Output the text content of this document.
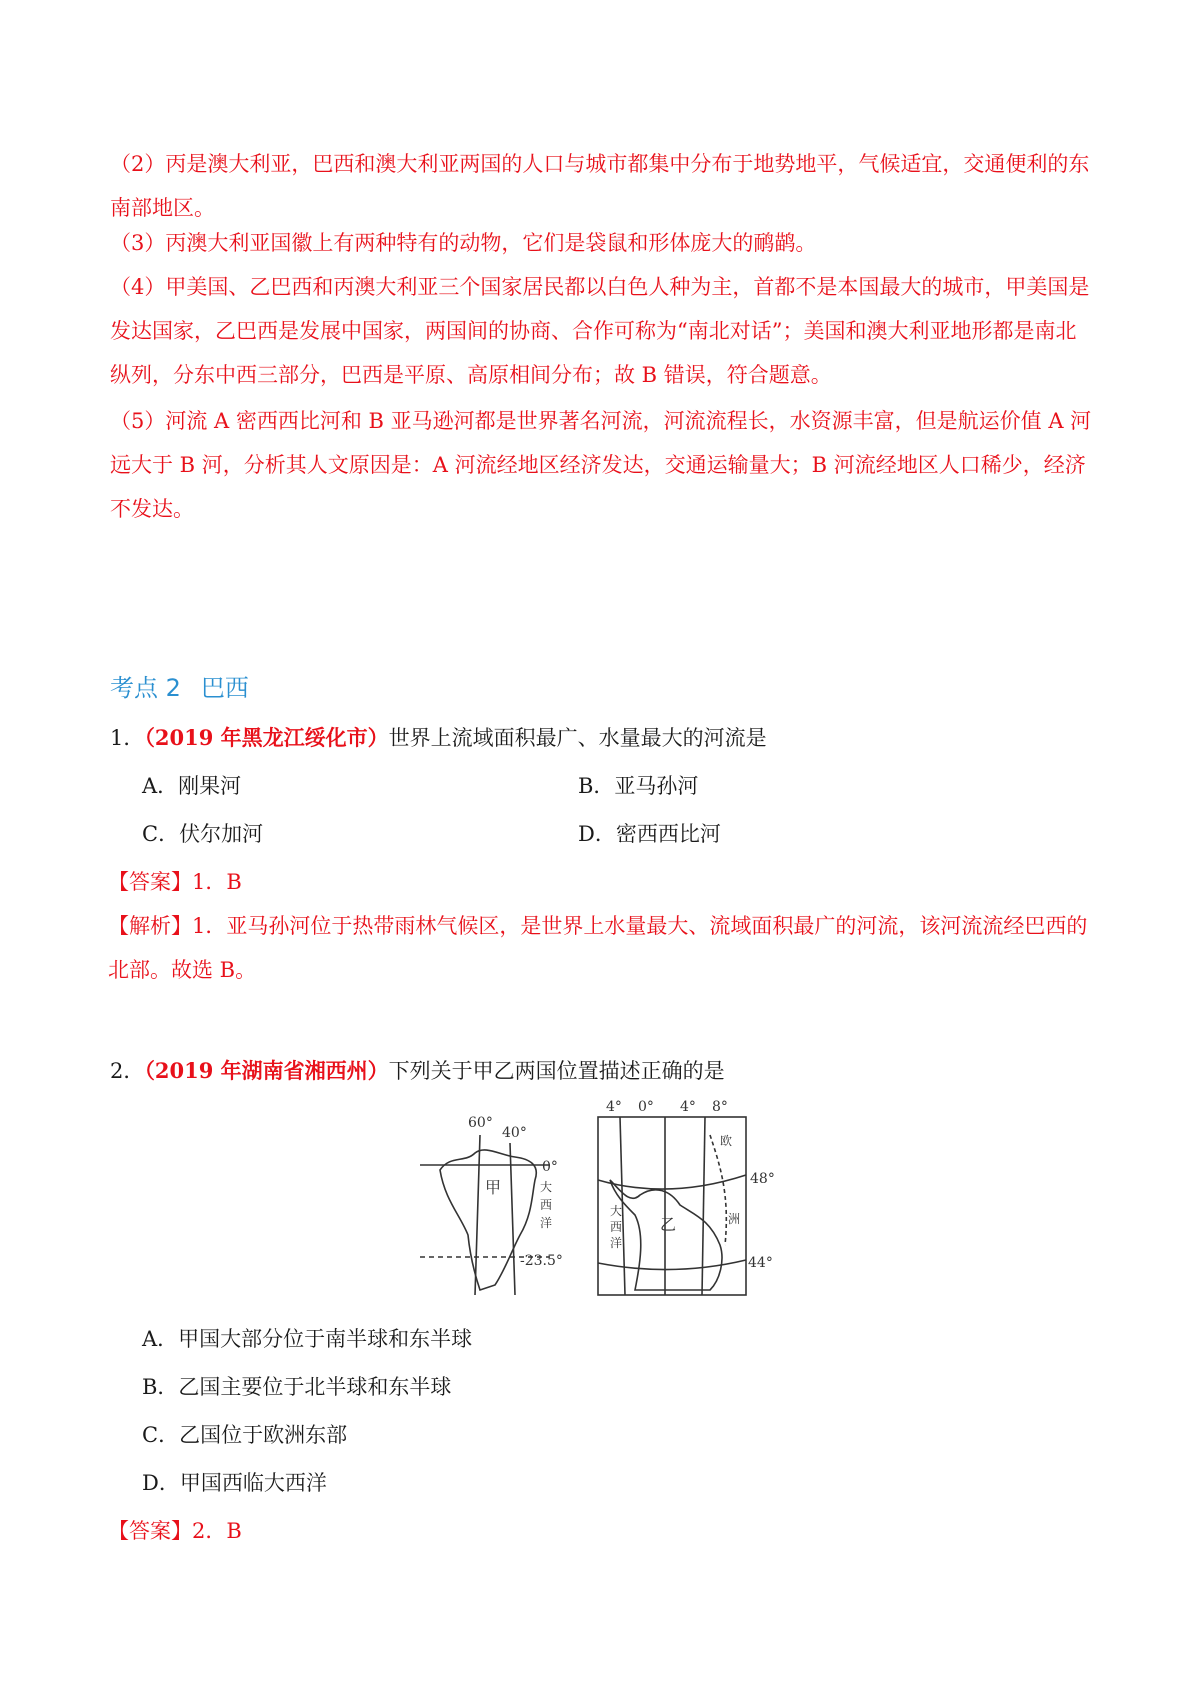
（2）丙是澳大利亚，巴西和澳大利亚两国的人口与城市都集中分布于地势地平，气候适宜，交通便利的东南部地区。

（3）丙澳大利亚国徽上有两种特有的动物，它们是袋鼠和形体庞大的鸸鹋。

（4）甲美国、乙巴西和丙澳大利亚三个国家居民都以白色人种为主，首都不是本国最大的城市，甲美国是发达国家，乙巴西是发展中国家，两国间的协商、合作可称为“南北对话”；美国和澳大利亚地形都是南北纵列，分东中西三部分，巴西是平原、高原相间分布；故 B 错误，符合题意。

（5）河流 A 密西西比河和 B 亚马逊河都是世界著名河流，河流流程长，水资源丰富，但是航运价值 A 河远大于 B 河，分析其人文原因是：A 河流经地区经济发达，交通运输量大；B 河流经地区人口稀少，经济不发达。

考点 2 巴西

1．（2019 年黑龙江绥化市）世界上流域面积最广、水量最大的河流是

A．刚果河	B．亚马孙河

C．伏尔加河	D．密西西比河

【答案】1．B

【解析】1．亚马孙河位于热带雨林气候区，是世界上水量最大、流域面积最广的河流，该河流流经巴西的北部。故选 B。

2．（2019 年湖南省湘西州）下列关于甲乙两国位置描述正确的是

60°
40°
0°
-23.5°
甲	大
西
洋
4° 0° 4° 8°
48°
44°
乙
大
西
洋
欧
洲

A．甲国大部分位于南半球和东半球

B．乙国主要位于北半球和东半球

C．乙国位于欧洲东部

D．甲国西临大西洋

【答案】2．B
